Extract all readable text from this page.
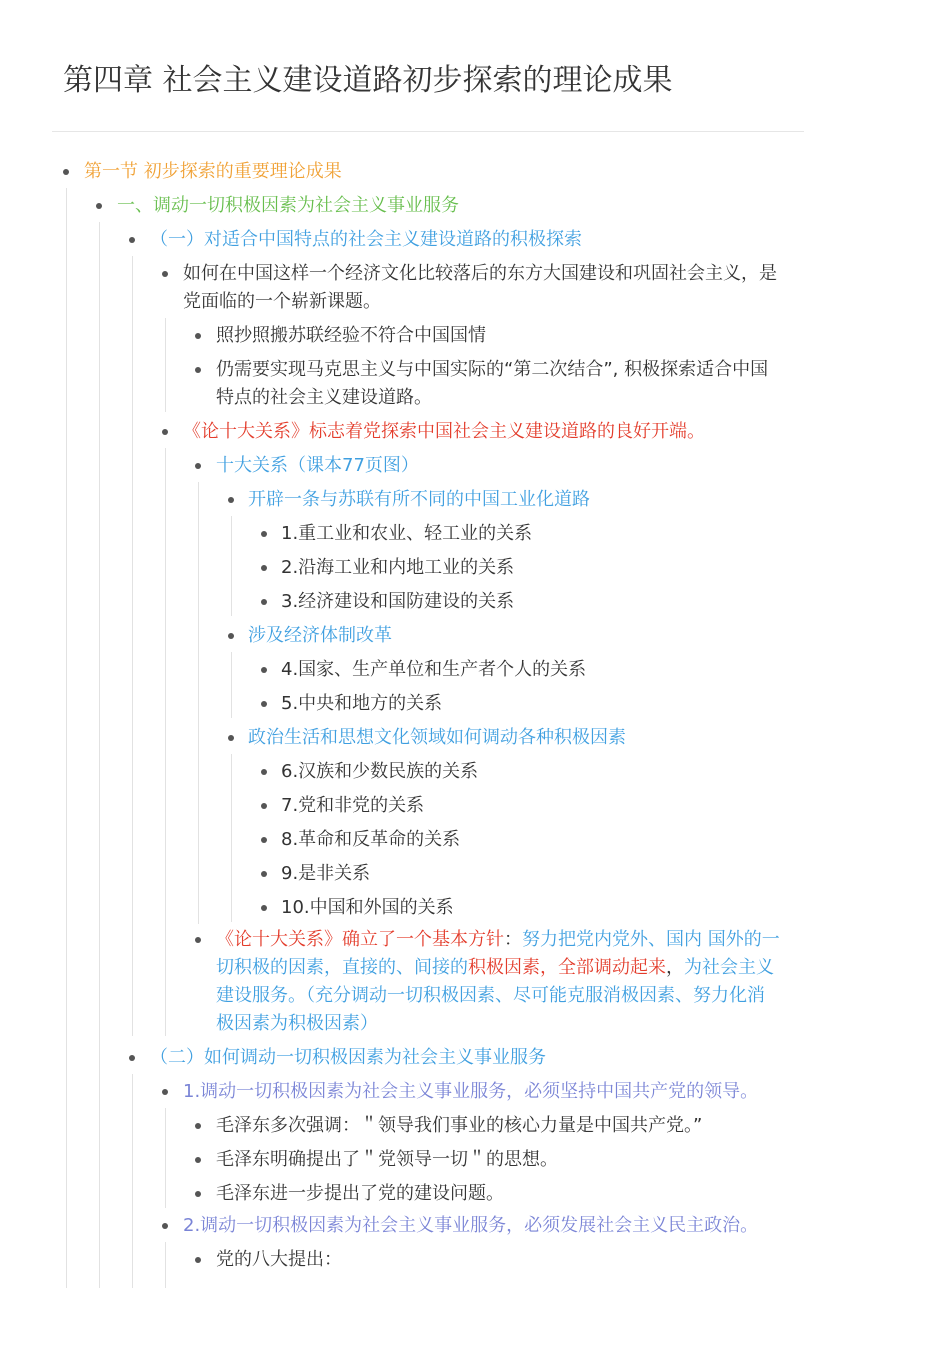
第四章 社会主义建设道路初步探索的理论成果
第一节 初步探索的重要理论成果
一、调动一切积极因素为社会主义事业服务
（一）对适合中国特点的社会主义建设道路的积极探索
如何在中国这样一个经济文化比较落后的东方大国建设和巩固社会主义，是
党面临的一个崭新课题。
照抄照搬苏联经验不符合中国国情
仍需要实现马克思主义与中国实际的“第二次结合”, 积极探索适合中国
特点的社会主义建设道路。
《论十大关系》标志着党探索中国社会主义建设道路的良好开端。
十大关系（课本77页图）
开辟一条与苏联有所不同的中国工业化道路
1.重工业和农业、轻工业的关系
2.沿海工业和内地工业的关系
3.经济建设和国防建设的关系
涉及经济体制改革
4.国家、生产单位和生产者个人的关系
5.中央和地方的关系
政治生活和思想文化领域如何调动各种积极因素
6.汉族和少数民族的关系
7.党和非党的关系
8.革命和反革命的关系
9.是非关系
10.中国和外国的关系
《论十大关系》确立了一个基本方针：努力把党内党外、国内 国外的一
切积极的因素，直接的、间接的积极因素，全部调动起来，为社会主义
建设服务。（充分调动一切积极因素、尽可能克服消极因素、努力化消
极因素为积极因素）
（二）如何调动一切积极因素为社会主义事业服务
1.调动一切积极因素为社会主义事业服务，必须坚持中国共产党的领导。
毛泽东多次强调：＂领导我们事业的核心力量是中国共产党。”
毛泽东明确提出了＂党领导一切＂的思想。
毛泽东进一步提出了党的建设问题。
2.调动一切积极因素为社会主义事业服务，必须发展社会主义民主政治。
党的八大提出：
